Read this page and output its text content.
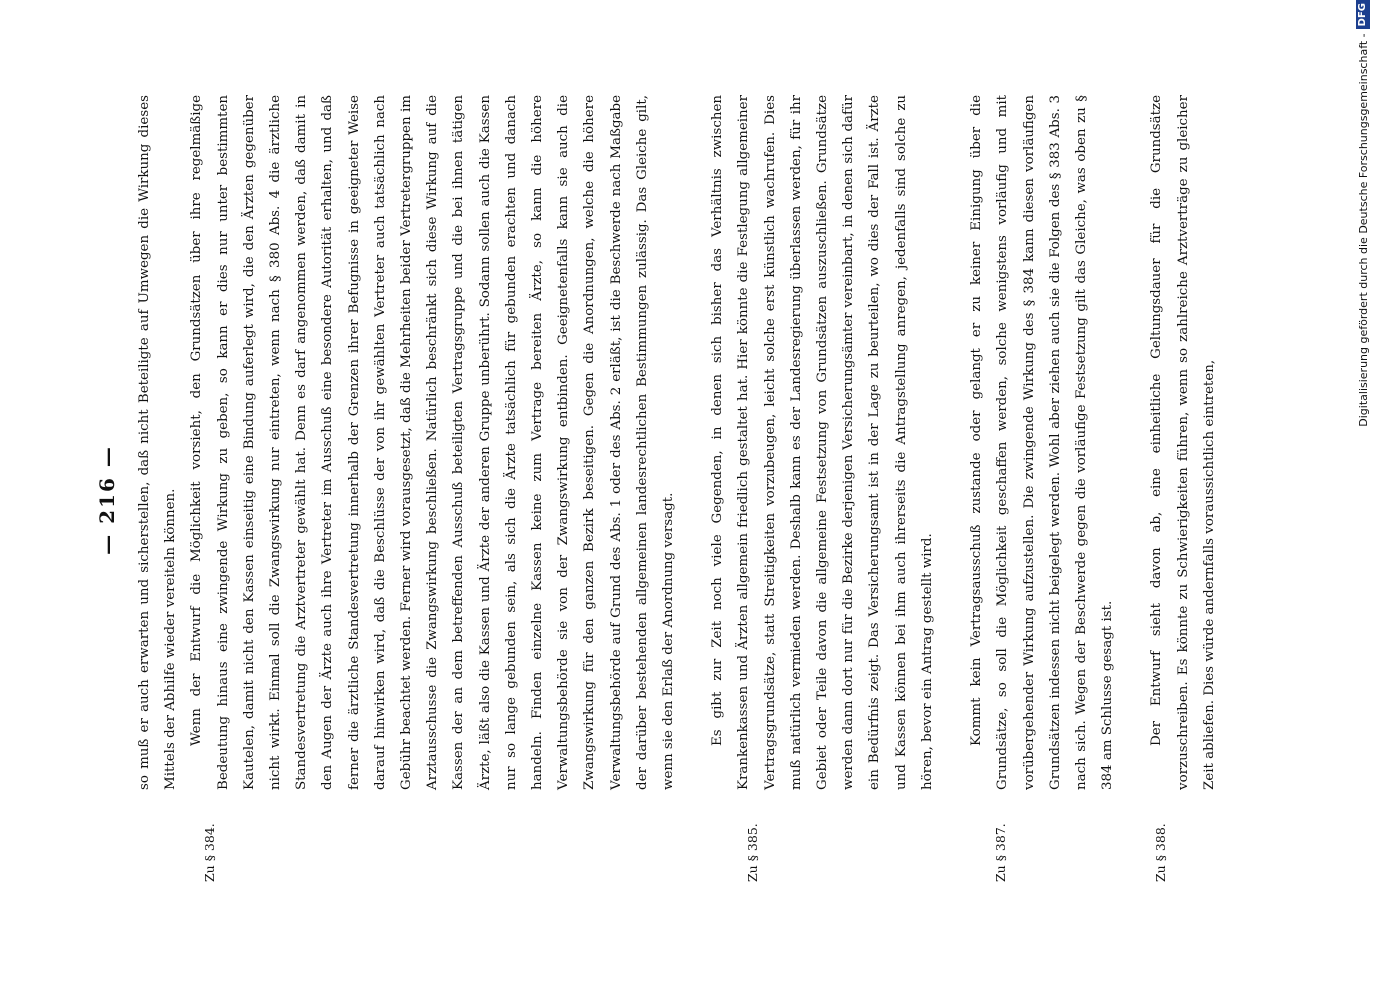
— 216 —
Zu § 384.	Zu § 385.	Zu § 387.	Zu § 388.

so muß er auch erwarten und sicherstellen, daß nicht Beteiligte auf Umwegen die Wirkung dieses Mittels der Abhilfe wieder vereiteln können. Wenn der Entwurf die Möglichkeit vorsieht, den Grundsätzen über ihre regelmäßige Bedeutung hinaus eine zwingende Wirkung zu geben, so kann er dies nur unter bestimmten Kautelen, damit nicht den Kassen einseitig eine Bindung auferlegt wird, die den Ärzten gegenüber nicht wirkt. Einmal soll die Zwangswirkung nur eintreten, wenn nach § 380 Abs. 4 die ärztliche Standesvertretung die Arztvertreter gewählt hat. Denn es darf angenommen werden, daß damit in den Augen der Ärzte auch ihre Vertreter im Ausschuß eine besondere Autorität erhalten, und daß ferner die ärztliche Standesvertretung innerhalb der Grenzen ihrer Befugnisse in geeigneter Weise darauf hinwirken wird, daß die Beschlüsse der von ihr gewählten Vertreter auch tatsächlich nach Gebühr beachtet werden. Ferner wird vorausgesetzt, daß die Mehrheiten beider Vertretergruppen im Arztausschusse die Zwangswirkung beschließen. Natürlich beschränkt sich diese Wirkung auf die Kassen der an dem betreffenden Ausschuß beteiligten Vertragsgruppe und die bei ihnen tätigen Ärzte, läßt also die Kassen und Ärzte der anderen Gruppe unberührt. Sodann sollen auch die Kassen nur so lange gebunden sein, als sich die Ärzte tatsächlich für gebunden erachten und danach handeln. Finden einzelne Kassen keine zum Vertrage bereiten Ärzte, so kann die höhere Verwaltungsbehörde sie von der Zwangswirkung entbinden. Geeignetenfalls kann sie auch die Zwangswirkung für den ganzen Bezirk beseitigen. Gegen die Anordnungen, welche die höhere Verwaltungsbehörde auf Grund des Abs. 1 oder des Abs. 2 erläßt, ist die Beschwerde nach Maßgabe der darüber bestehenden allgemeinen landesrechtlichen Bestimmungen zulässig. Das Gleiche gilt, wenn sie den Erlaß der Anordnung versagt.	Es gibt zur Zeit noch viele Gegenden, in denen sich bisher das Verhältnis zwischen Krankenkassen und Ärzten allgemein friedlich gestaltet hat. Hier könnte die Festlegung allgemeiner Vertragsgrundsätze, statt Streitigkeiten vorzubeugen, leicht solche erst künstlich wachrufen. Dies muß natürlich vermieden werden. Deshalb kann es der Landesregierung überlassen werden, für ihr Gebiet oder Teile davon die allgemeine Festsetzung von Grundsätzen auszuschließen. Grundsätze werden dann dort nur für die Bezirke derjenigen Versicherungsämter vereinbart, in denen sich dafür ein Bedürfnis zeigt. Das Versicherungsamt ist in der Lage zu beurteilen, wo dies der Fall ist. Ärzte und Kassen können bei ihm auch ihrerseits die Antragstellung anregen, jedenfalls sind solche zu hören, bevor ein Antrag gestellt wird.	Kommt kein Vertragsausschuß zustande oder gelangt er zu keiner Einigung über die Grundsätze, so soll die Möglichkeit geschaffen werden, solche wenigstens vorläufig und mit vorübergehender Wirkung aufzustellen. Die zwingende Wirkung des § 384 kann diesen vorläufigen Grundsätzen indessen nicht beigelegt werden. Wohl aber ziehen auch sie die Folgen des § 383 Abs. 3 nach sich. Wegen der Beschwerde gegen die vorläufige Festsetzung gilt das Gleiche, was oben zu § 384 am Schlusse gesagt ist.	Der Entwurf sieht davon ab, eine einheitliche Geltungsdauer für die Grundsätze vorzuschreiben. Es könnte zu Schwierigkeiten führen, wenn so zahlreiche Arztverträge zu gleicher Zeit abliefen. Dies würde andernfalls voraussichtlich eintreten,

Digitalisierung gefördert durch die Deutsche Forschungsgemeinschaft -
DFG
